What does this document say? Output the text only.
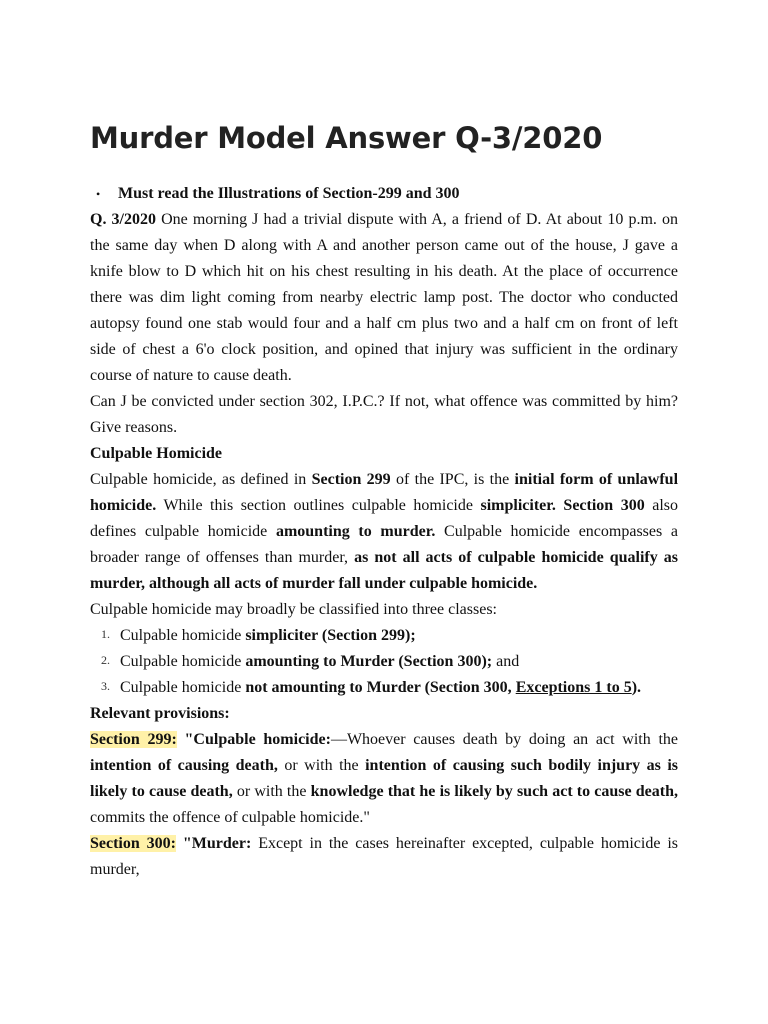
Murder Model Answer Q-3/2020
• Must read the Illustrations of Section-299 and 300

Q. 3/2020 One morning J had a trivial dispute with A, a friend of D. At about 10 p.m. on the same day when D along with A and another person came out of the house, J gave a knife blow to D which hit on his chest resulting in his death. At the place of occurrence there was dim light coming from nearby electric lamp post. The doctor who conducted autopsy found one stab would four and a half cm plus two and a half cm on front of left side of chest a 6'o clock position, and opined that injury was sufficient in the ordinary course of nature to cause death.

Can J be convicted under section 302, I.P.C.? If not, what offence was committed by him? Give reasons.

Culpable Homicide

Culpable homicide, as defined in Section 299 of the IPC, is the initial form of unlawful homicide. While this section outlines culpable homicide simpliciter. Section 300 also defines culpable homicide amounting to murder. Culpable homicide encompasses a broader range of offenses than murder, as not all acts of culpable homicide qualify as murder, although all acts of murder fall under culpable homicide.

Culpable homicide may broadly be classified into three classes:

1. Culpable homicide simpliciter (Section 299);
2. Culpable homicide amounting to Murder (Section 300); and
3. Culpable homicide not amounting to Murder (Section 300, Exceptions 1 to 5).
Relevant provisions:

Section 299: "Culpable homicide:—Whoever causes death by doing an act with the intention of causing death, or with the intention of causing such bodily injury as is likely to cause death, or with the knowledge that he is likely by such act to cause death, commits the offence of culpable homicide."

Section 300: "Murder: Except in the cases hereinafter excepted, culpable homicide is murder,
